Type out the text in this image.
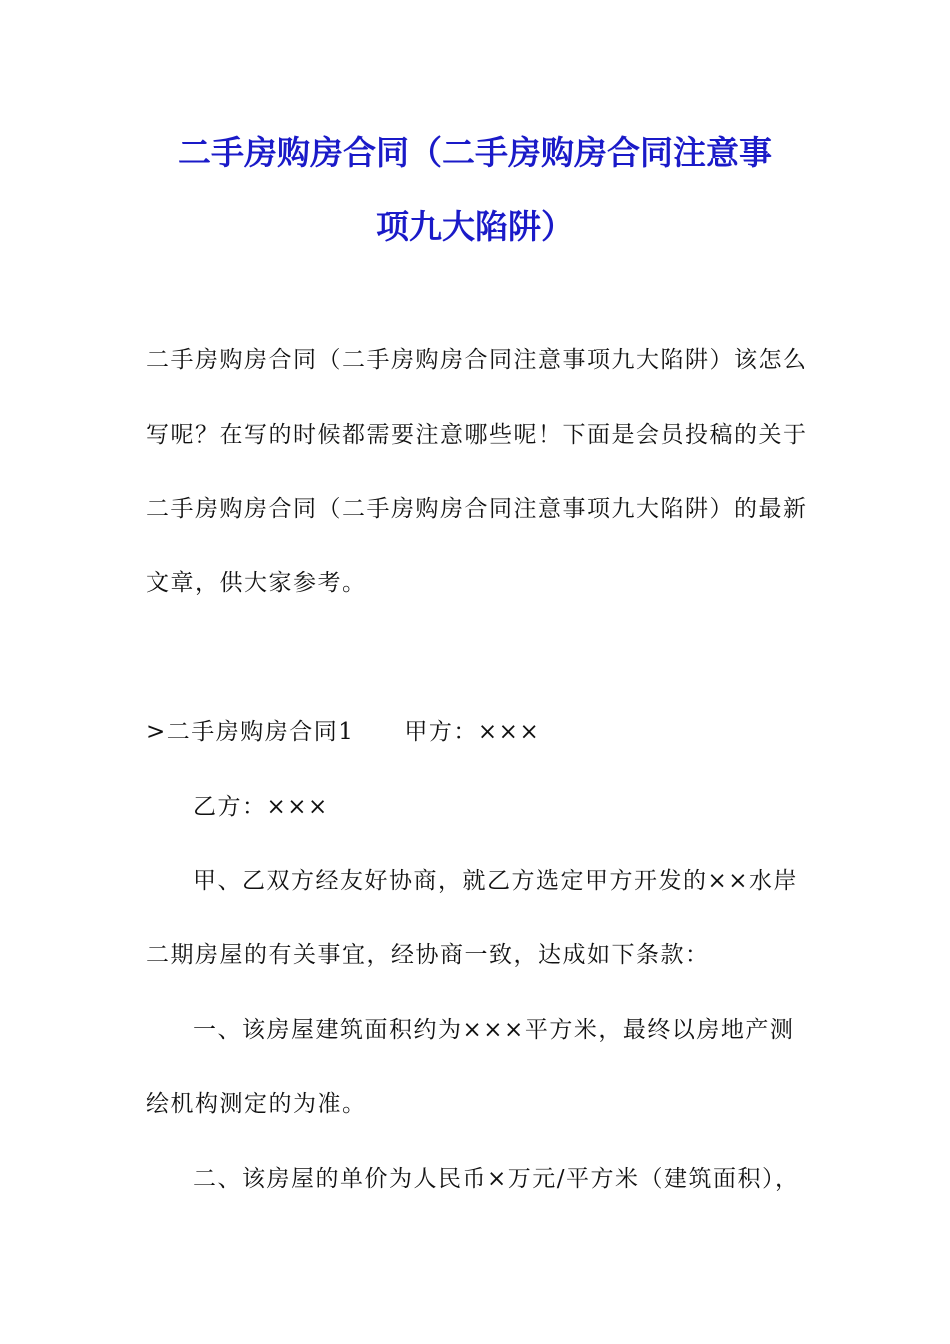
二手房购房合同（二手房购房合同注意事
项九大陷阱）
二手房购房合同（二手房购房合同注意事项九大陷阱）该怎么
写呢？在写的时候都需要注意哪些呢！下面是会员投稿的关于
二手房购房合同（二手房购房合同注意事项九大陷阱）的最新
文章，供大家参考。
>二手房购房合同1 甲方：×××
乙方：×××
甲、乙双方经友好协商，就乙方选定甲方开发的××水岸
二期房屋的有关事宜，经协商一致，达成如下条款：
一、该房屋建筑面积约为×××平方米，最终以房地产测
绘机构测定的为准。
二、该房屋的单价为人民币×万元/平方米（建筑面积），
